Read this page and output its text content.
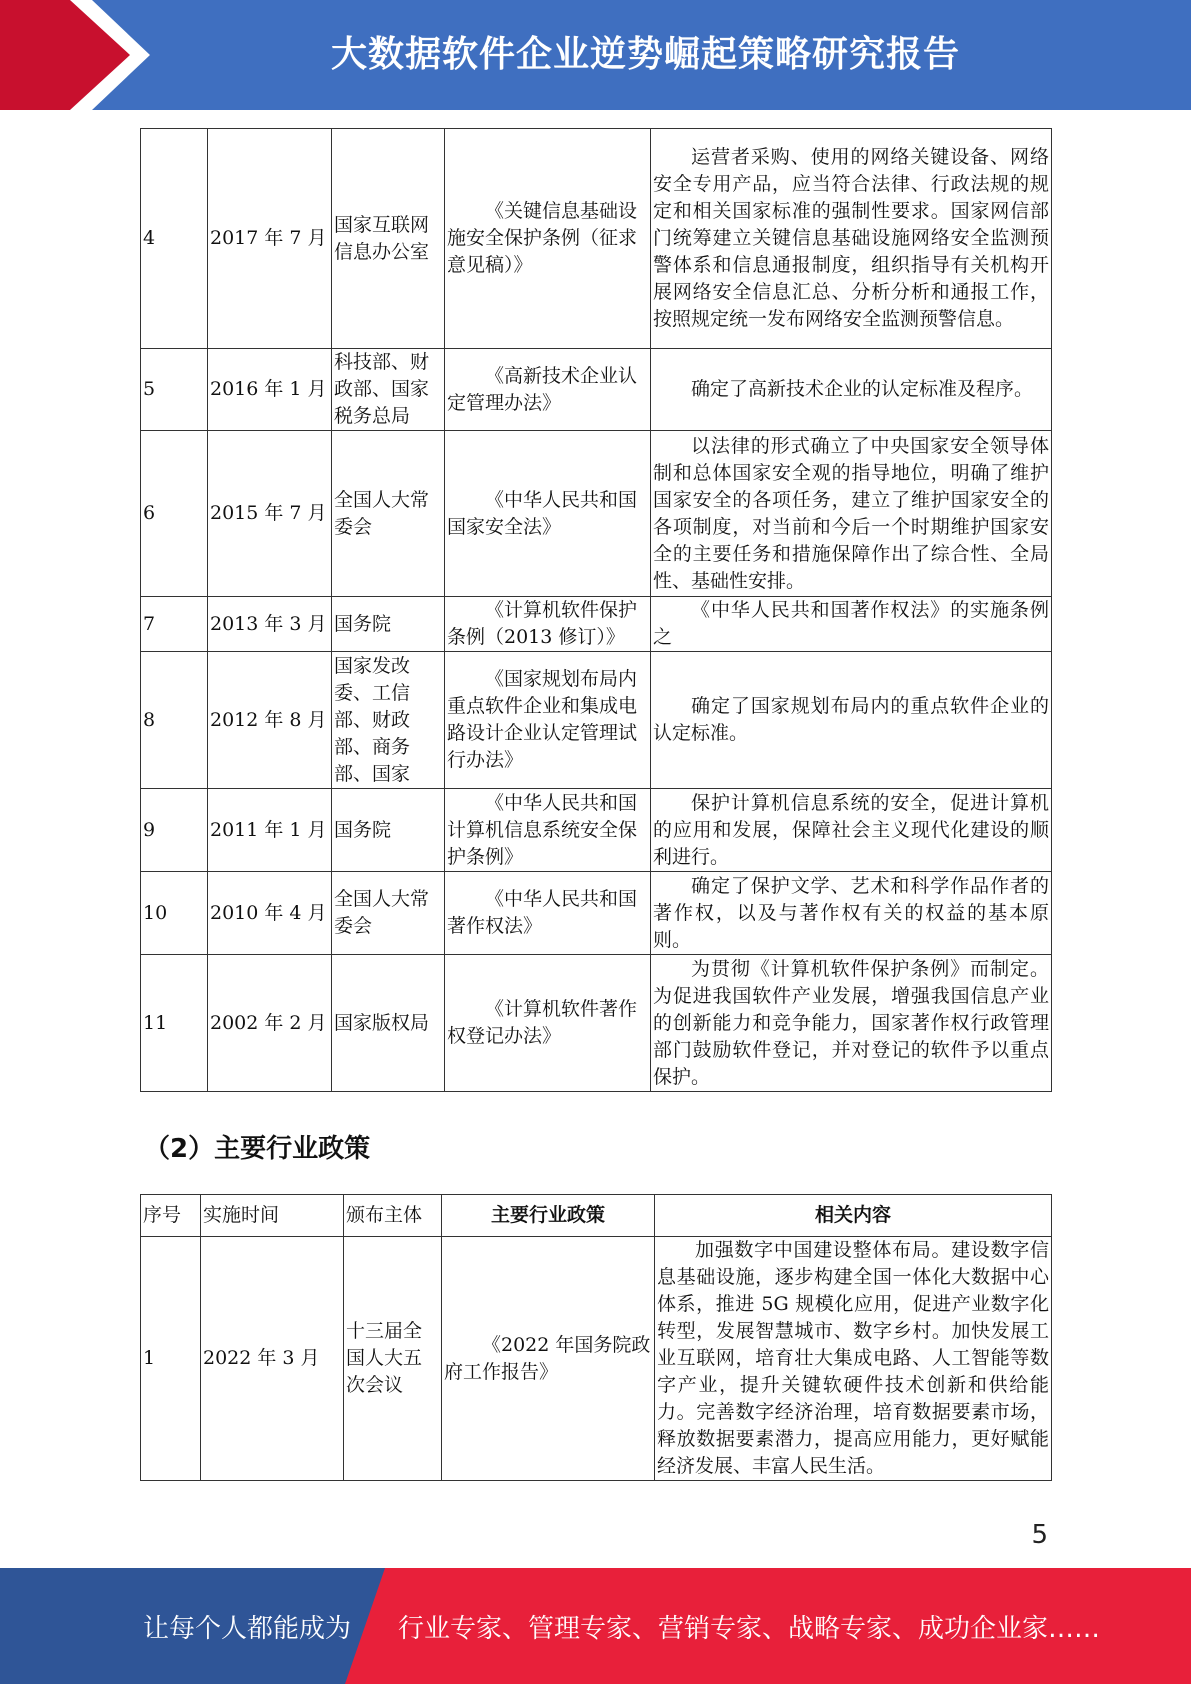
大数据软件企业逆势崛起策略研究报告
4	2017 年 7 月	国家互联网信息办公室	《关键信息基础设施安全保护条例（征求意见稿）》	运营者采购、使用的网络关键设备、网络安全专用产品，应当符合法律、行政法规的规定和相关国家标准的强制性要求。国家网信部门统筹建立关键信息基础设施网络安全监测预警体系和信息通报制度，组织指导有关机构开展网络安全信息汇总、分析分析和通报工作，按照规定统一发布网络安全监测预警信息。
5	2016 年 1 月	科技部、财政部、国家税务总局	《高新技术企业认定管理办法》	确定了高新技术企业的认定标准及程序。
6	2015 年 7 月	全国人大常委会	《中华人民共和国国家安全法》	以法律的形式确立了中央国家安全领导体制和总体国家安全观的指导地位，明确了维护国家安全的各项任务，建立了维护国家安全的各项制度，对当前和今后一个时期维护国家安全的主要任务和措施保障作出了综合性、全局性、基础性安排。
7	2013 年 3 月	国务院	《计算机软件保护条例（2013 修订）》	《中华人民共和国著作权法》的实施条例之
8	2012 年 8 月	国家发改委、工信部、财政部、商务部、国家	《国家规划布局内重点软件企业和集成电路设计企业认定管理试行办法》	确定了国家规划布局内的重点软件企业的认定标准。
9	2011 年 1 月	国务院	《中华人民共和国计算机信息系统安全保护条例》	保护计算机信息系统的安全，促进计算机的应用和发展，保障社会主义现代化建设的顺利进行。
10	2010 年 4 月	全国人大常委会	《中华人民共和国著作权法》	确定了保护文学、艺术和科学作品作者的著作权，以及与著作权有关的权益的基本原则。
11	2002 年 2 月	国家版权局	《计算机软件著作权登记办法》	为贯彻《计算机软件保护条例》而制定。为促进我国软件产业发展，增强我国信息产业的创新能力和竞争能力，国家著作权行政管理部门鼓励软件登记，并对登记的软件予以重点保护。
（2）主要行业政策
序号	实施时间	颁布主体	主要行业政策	相关内容
1	2022 年 3 月	十三届全国人大五次会议	《2022 年国务院政府工作报告》	加强数字中国建设整体布局。建设数字信息基础设施，逐步构建全国一体化大数据中心体系，推进 5G 规模化应用，促进产业数字化转型，发展智慧城市、数字乡村。加快发展工业互联网，培育壮大集成电路、人工智能等数字产业，提升关键软硬件技术创新和供给能力。完善数字经济治理，培育数据要素市场，释放数据要素潜力，提高应用能力，更好赋能经济发展、丰富人民生活。
5
让每个人都能成为 行业专家、管理专家、营销专家、战略专家、成功企业家……
